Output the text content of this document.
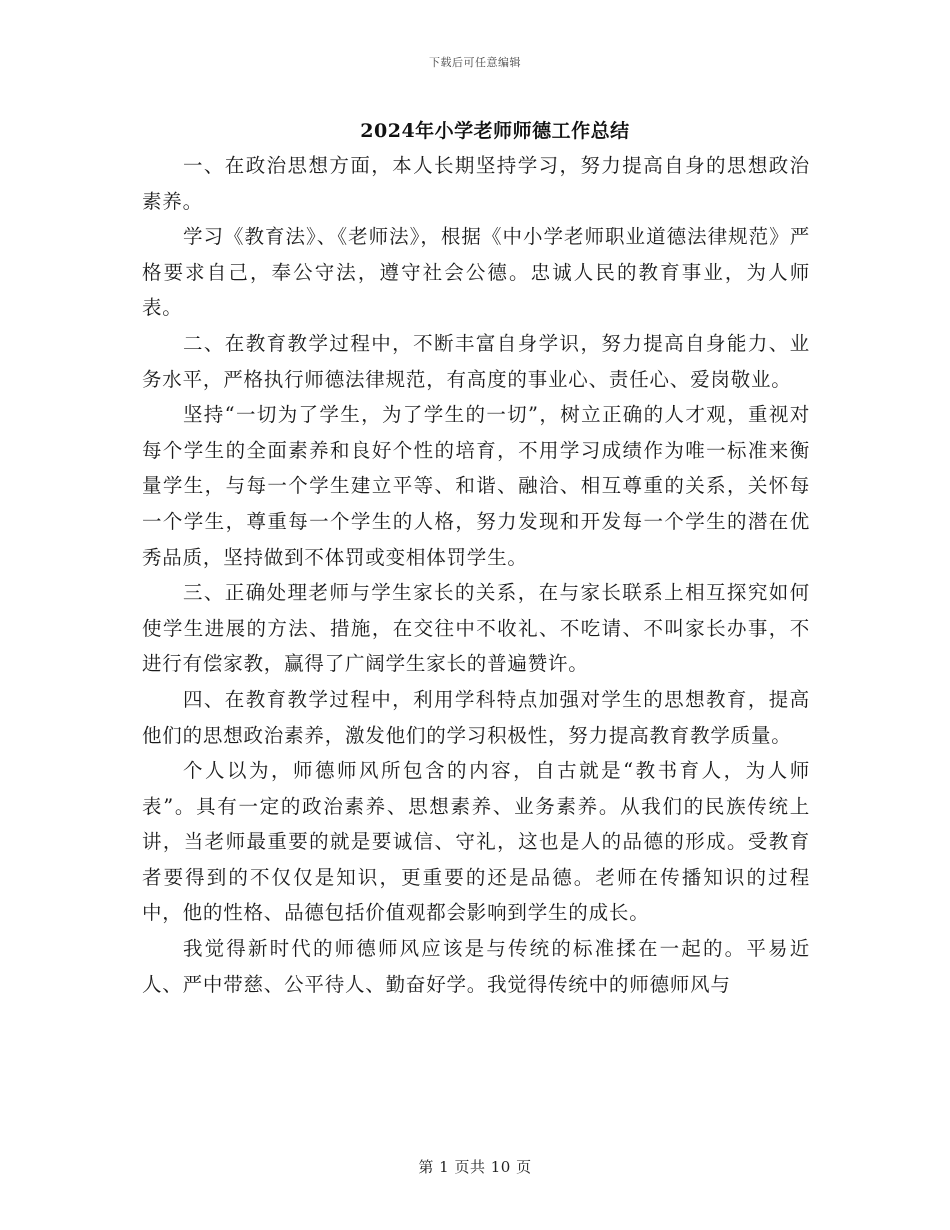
下载后可任意编辑
2024年小学老师师德工作总结

一、在政治思想方面，本人长期坚持学习，努力提高自身的思想政治素养。

学习《教育法》、《老师法》，根据《中小学老师职业道德法律规范》严格要求自己，奉公守法，遵守社会公德。忠诚人民的教育事业，为人师表。

二、在教育教学过程中，不断丰富自身学识，努力提高自身能力、业务水平，严格执行师德法律规范，有高度的事业心、责任心、爱岗敬业。

坚持“一切为了学生，为了学生的一切”，树立正确的人才观，重视对每个学生的全面素养和良好个性的培育，不用学习成绩作为唯一标准来衡量学生，与每一个学生建立平等、和谐、融洽、相互尊重的关系，关怀每一个学生，尊重每一个学生的人格，努力发现和开发每一个学生的潜在优秀品质，坚持做到不体罚或变相体罚学生。

三、正确处理老师与学生家长的关系，在与家长联系上相互探究如何使学生进展的方法、措施，在交往中不收礼、不吃请、不叫家长办事，不进行有偿家教，赢得了广阔学生家长的普遍赞许。

四、在教育教学过程中，利用学科特点加强对学生的思想教育，提高他们的思想政治素养，激发他们的学习积极性，努力提高教育教学质量。

个人以为，师德师风所包含的内容，自古就是“教书育人，为人师表”。具有一定的政治素养、思想素养、业务素养。从我们的民族传统上讲，当老师最重要的就是要诚信、守礼，这也是人的品德的形成。受教育者要得到的不仅仅是知识，更重要的还是品德。老师在传播知识的过程中，他的性格、品德包括价值观都会影响到学生的成长。

我觉得新时代的师德师风应该是与传统的标准揉在一起的。平易近人、严中带慈、公平待人、勤奋好学。我觉得传统中的师德师风与

第 1 页共 10 页
